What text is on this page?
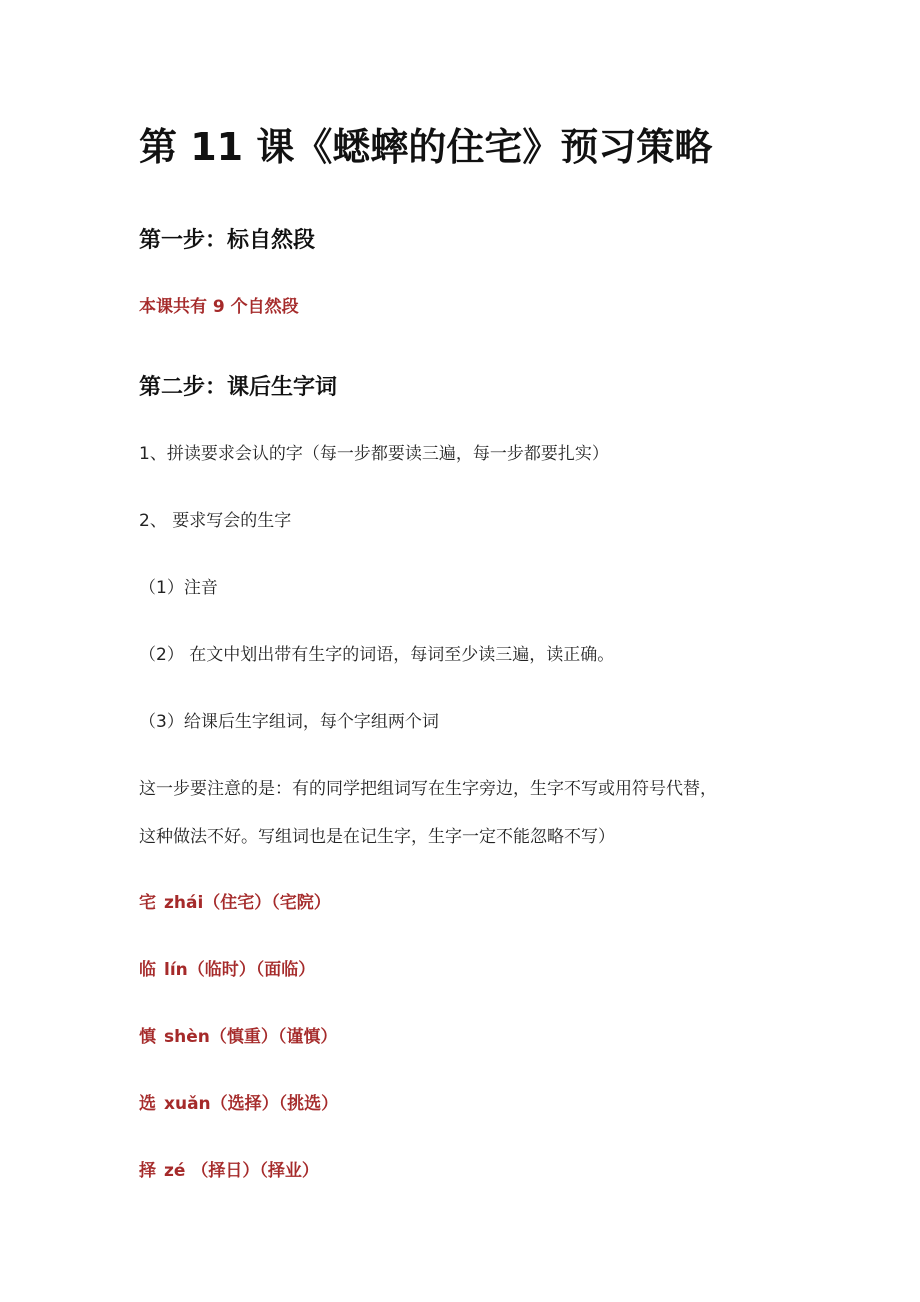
第 11 课《蟋蟀的住宅》预习策略
第一步：标自然段
本课共有 9 个自然段
第二步：课后生字词
1、拼读要求会认的字（每一步都要读三遍，每一步都要扎实）
2、 要求写会的生字
（1）注音
（2） 在文中划出带有生字的词语，每词至少读三遍，读正确。
（3）给课后生字组词，每个字组两个词
这一步要注意的是：有的同学把组词写在生字旁边，生字不写或用符号代替，
这种做法不好。写组词也是在记生字，生字一定不能忽略不写）
宅 zhái（住宅）（宅院）
临 lín（临时）（面临）
慎 shèn（慎重）（谨慎）
选 xuǎn（选择）（挑选）
择 zé （择日）（择业）
